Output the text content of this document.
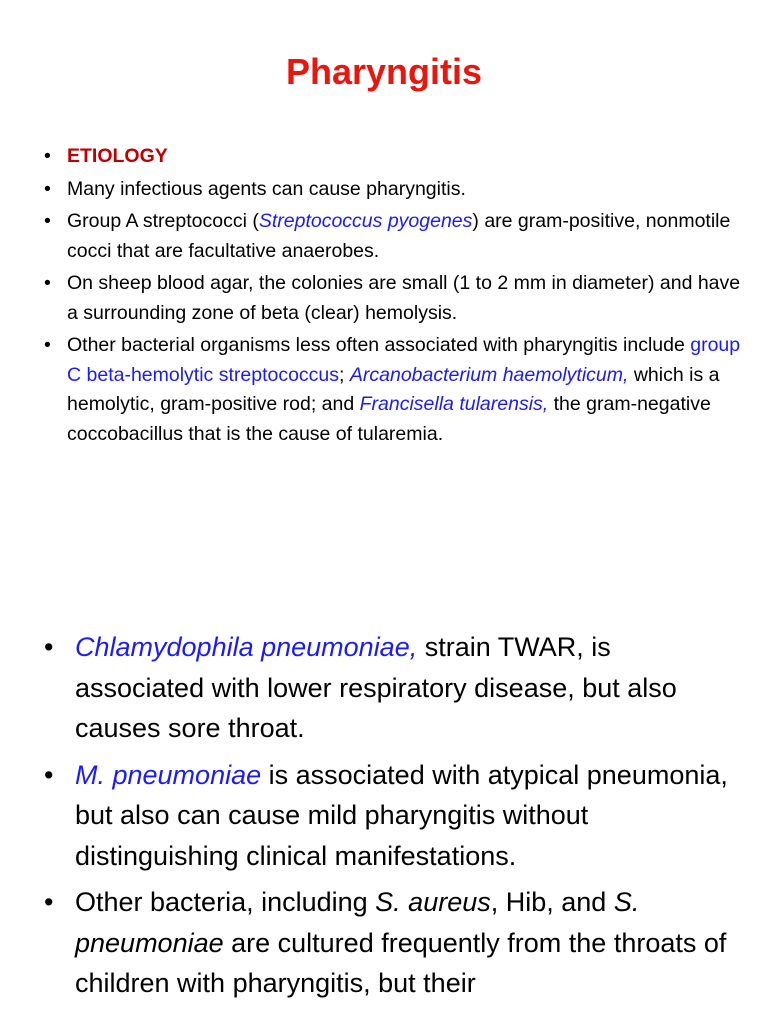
Pharyngitis
• ETIOLOGY
• Many infectious agents can cause pharyngitis.
• Group A streptococci (Streptococcus pyogenes) are gram-positive, nonmotile cocci that are facultative anaerobes.
• On sheep blood agar, the colonies are small (1 to 2 mm in diameter) and have a surrounding zone of beta (clear) hemolysis.
• Other bacterial organisms less often associated with pharyngitis include group C beta-hemolytic streptococcus; Arcanobacterium haemolyticum, which is a hemolytic, gram-positive rod; and Francisella tularensis, the gram-negative coccobacillus that is the cause of tularemia.
• Chlamydophila pneumoniae, strain TWAR, is associated with lower respiratory disease, but also causes sore throat.
• M. pneumoniae is associated with atypical pneumonia, but also can cause mild pharyngitis without distinguishing clinical manifestations.
• Other bacteria, including S. aureus, Hib, and S. pneumoniae are cultured frequently from the throats of children with pharyngitis, but their
